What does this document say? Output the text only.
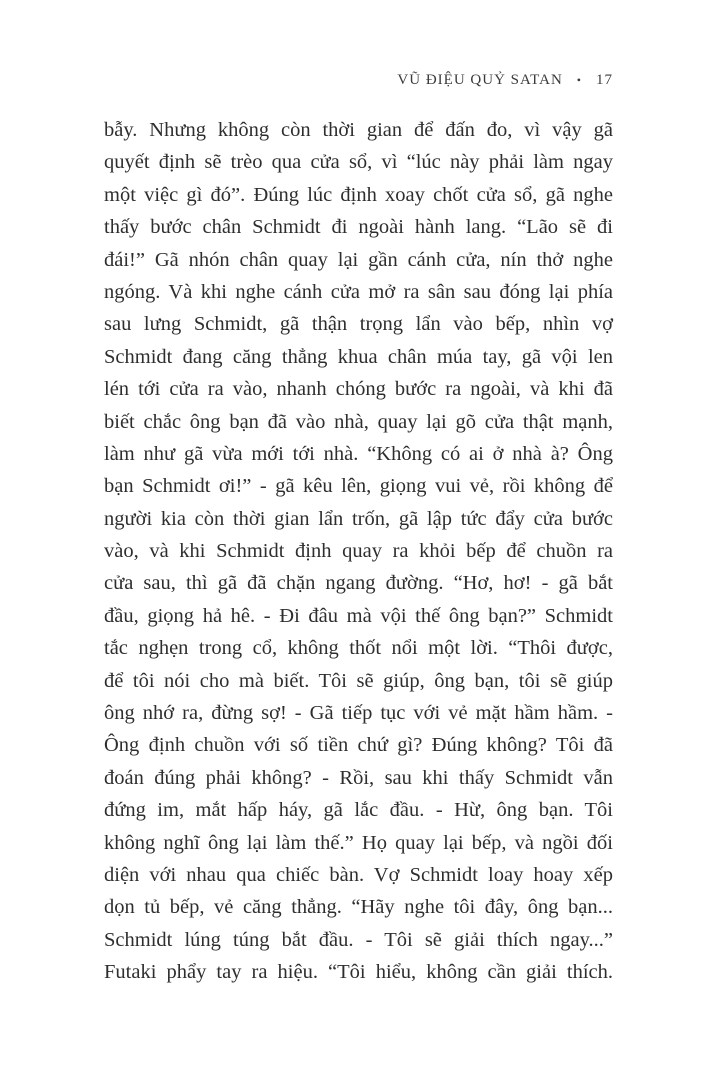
VŨ ĐIỆU QUỶ SATAN • 17
bẫy. Nhưng không còn thời gian để đấn đo, vì vậy gã
quyết định sẽ trèo qua cửa sổ, vì “lúc này phải làm ngay
một việc gì đó”. Đúng lúc định xoay chốt cửa sổ, gã nghe
thấy bước chân Schmidt đi ngoài hành lang. “Lão sẽ đi
đái!” Gã nhón chân quay lại gần cánh cửa, nín thở nghe
ngóng. Và khi nghe cánh cửa mở ra sân sau đóng lại phía
sau lưng Schmidt, gã thận trọng lẩn vào bếp, nhìn vợ
Schmidt đang căng thẳng khua chân múa tay, gã vội len
lén tới cửa ra vào, nhanh chóng bước ra ngoài, và khi đã
biết chắc ông bạn đã vào nhà, quay lại gõ cửa thật mạnh,
làm như gã vừa mới tới nhà. “Không có ai ở nhà à? Ông
bạn Schmidt ơi!” - gã kêu lên, giọng vui vẻ, rồi không để
người kia còn thời gian lẩn trốn, gã lập tức đẩy cửa bước
vào, và khi Schmidt định quay ra khỏi bếp để chuồn ra
cửa sau, thì gã đã chặn ngang đường. “Hơ, hơ! - gã bắt
đầu, giọng hả hê. - Đi đâu mà vội thế ông bạn?” Schmidt
tắc nghẹn trong cổ, không thốt nổi một lời. “Thôi được,
để tôi nói cho mà biết. Tôi sẽ giúp, ông bạn, tôi sẽ giúp
ông nhớ ra, đừng sợ! - Gã tiếp tục với vẻ mặt hầm hầm. -
Ông định chuồn với số tiền chứ gì? Đúng không? Tôi đã
đoán đúng phải không? - Rồi, sau khi thấy Schmidt vẫn
đứng im, mắt hấp háy, gã lắc đầu. - Hừ, ông bạn. Tôi
không nghĩ ông lại làm thế.” Họ quay lại bếp, và ngồi đối
diện với nhau qua chiếc bàn. Vợ Schmidt loay hoay xếp
dọn tủ bếp, vẻ căng thẳng. “Hãy nghe tôi đây, ông bạn...
Schmidt lúng túng bắt đầu. - Tôi sẽ giải thích ngay...”
Futaki phẩy tay ra hiệu. “Tôi hiểu, không cần giải thích.
